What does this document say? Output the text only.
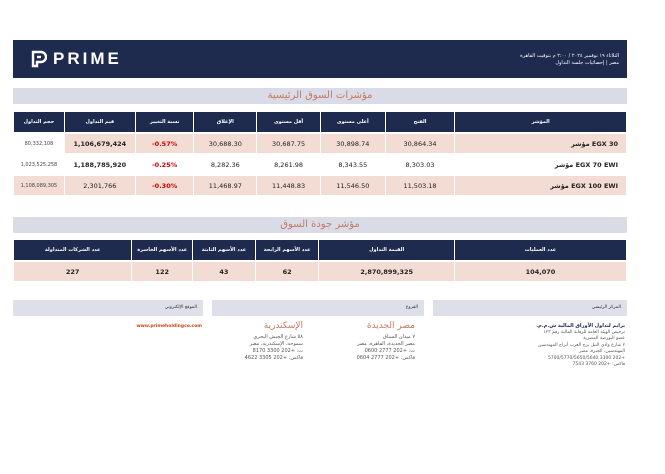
PRIME	الثلاثاء ١٩ نوفمبر ٢٠٢٤ / ٢:٠٠ م بتوقيت القاهرة
مصر | إحصائيات جلسة التداول
مؤشرات السوق الرئيسية
حجم التداول	قيم التداول	نسبة التغيير	الإغلاق	أقل مستوى	أعلى مستوى	الفتح	المؤشر
80,332,108	1,106,679,424	-0.57%	30,688.30	30,687.75	30,898.74	30,864.34	مؤشر EGX 30
1,023,525,258	1,188,785,920	-0.25%	8,282.36	8,261.98	8,343.55	8,303.03	مؤشر EGX 70 EWI
1,108,089,305	2,301,766	-0.30%	11,468.97	11,448.83	11,546.50	11,503.18	مؤشر EGX 100 EWI
مؤشر جودة السوق
عدد الشركات المتداولة	عدد الأسهم الخاسرة	عدد الأسهم الثابتة	عدد الأسهم الرابحة	القيمة التداول	عدد العمليات
227	122	43	62	2,870,899,325	104,070
الموقع الإلكتروني	الفروع	المركز الرئيسي
www.primeholdingco.com	الإسكندرية
٥٨ شارع الجيش البحري
سموحة، الإسكندرية، مصر
ت: +202 3300 8170
فاكس: +202 3305 4622
مصر الجديدة
٧ ميدان السباق
مصر الجديدة، القاهرة، مصر
ت: +202 2777 0600
فاكس: +202 2777 0604
برايم لتداول الأوراق المالية ش.م.م.
ترخيص الهيئة العامة للرقابة المالية رقم ١٢٣
عضو البورصة المصرية
٢ شارع وادي النيل برج العرب أبراج المهندسين
المهندسين، الجيزة، مصر
+202 3300 5700/5770/5650/5640
فاكس: +202 3760 7543
